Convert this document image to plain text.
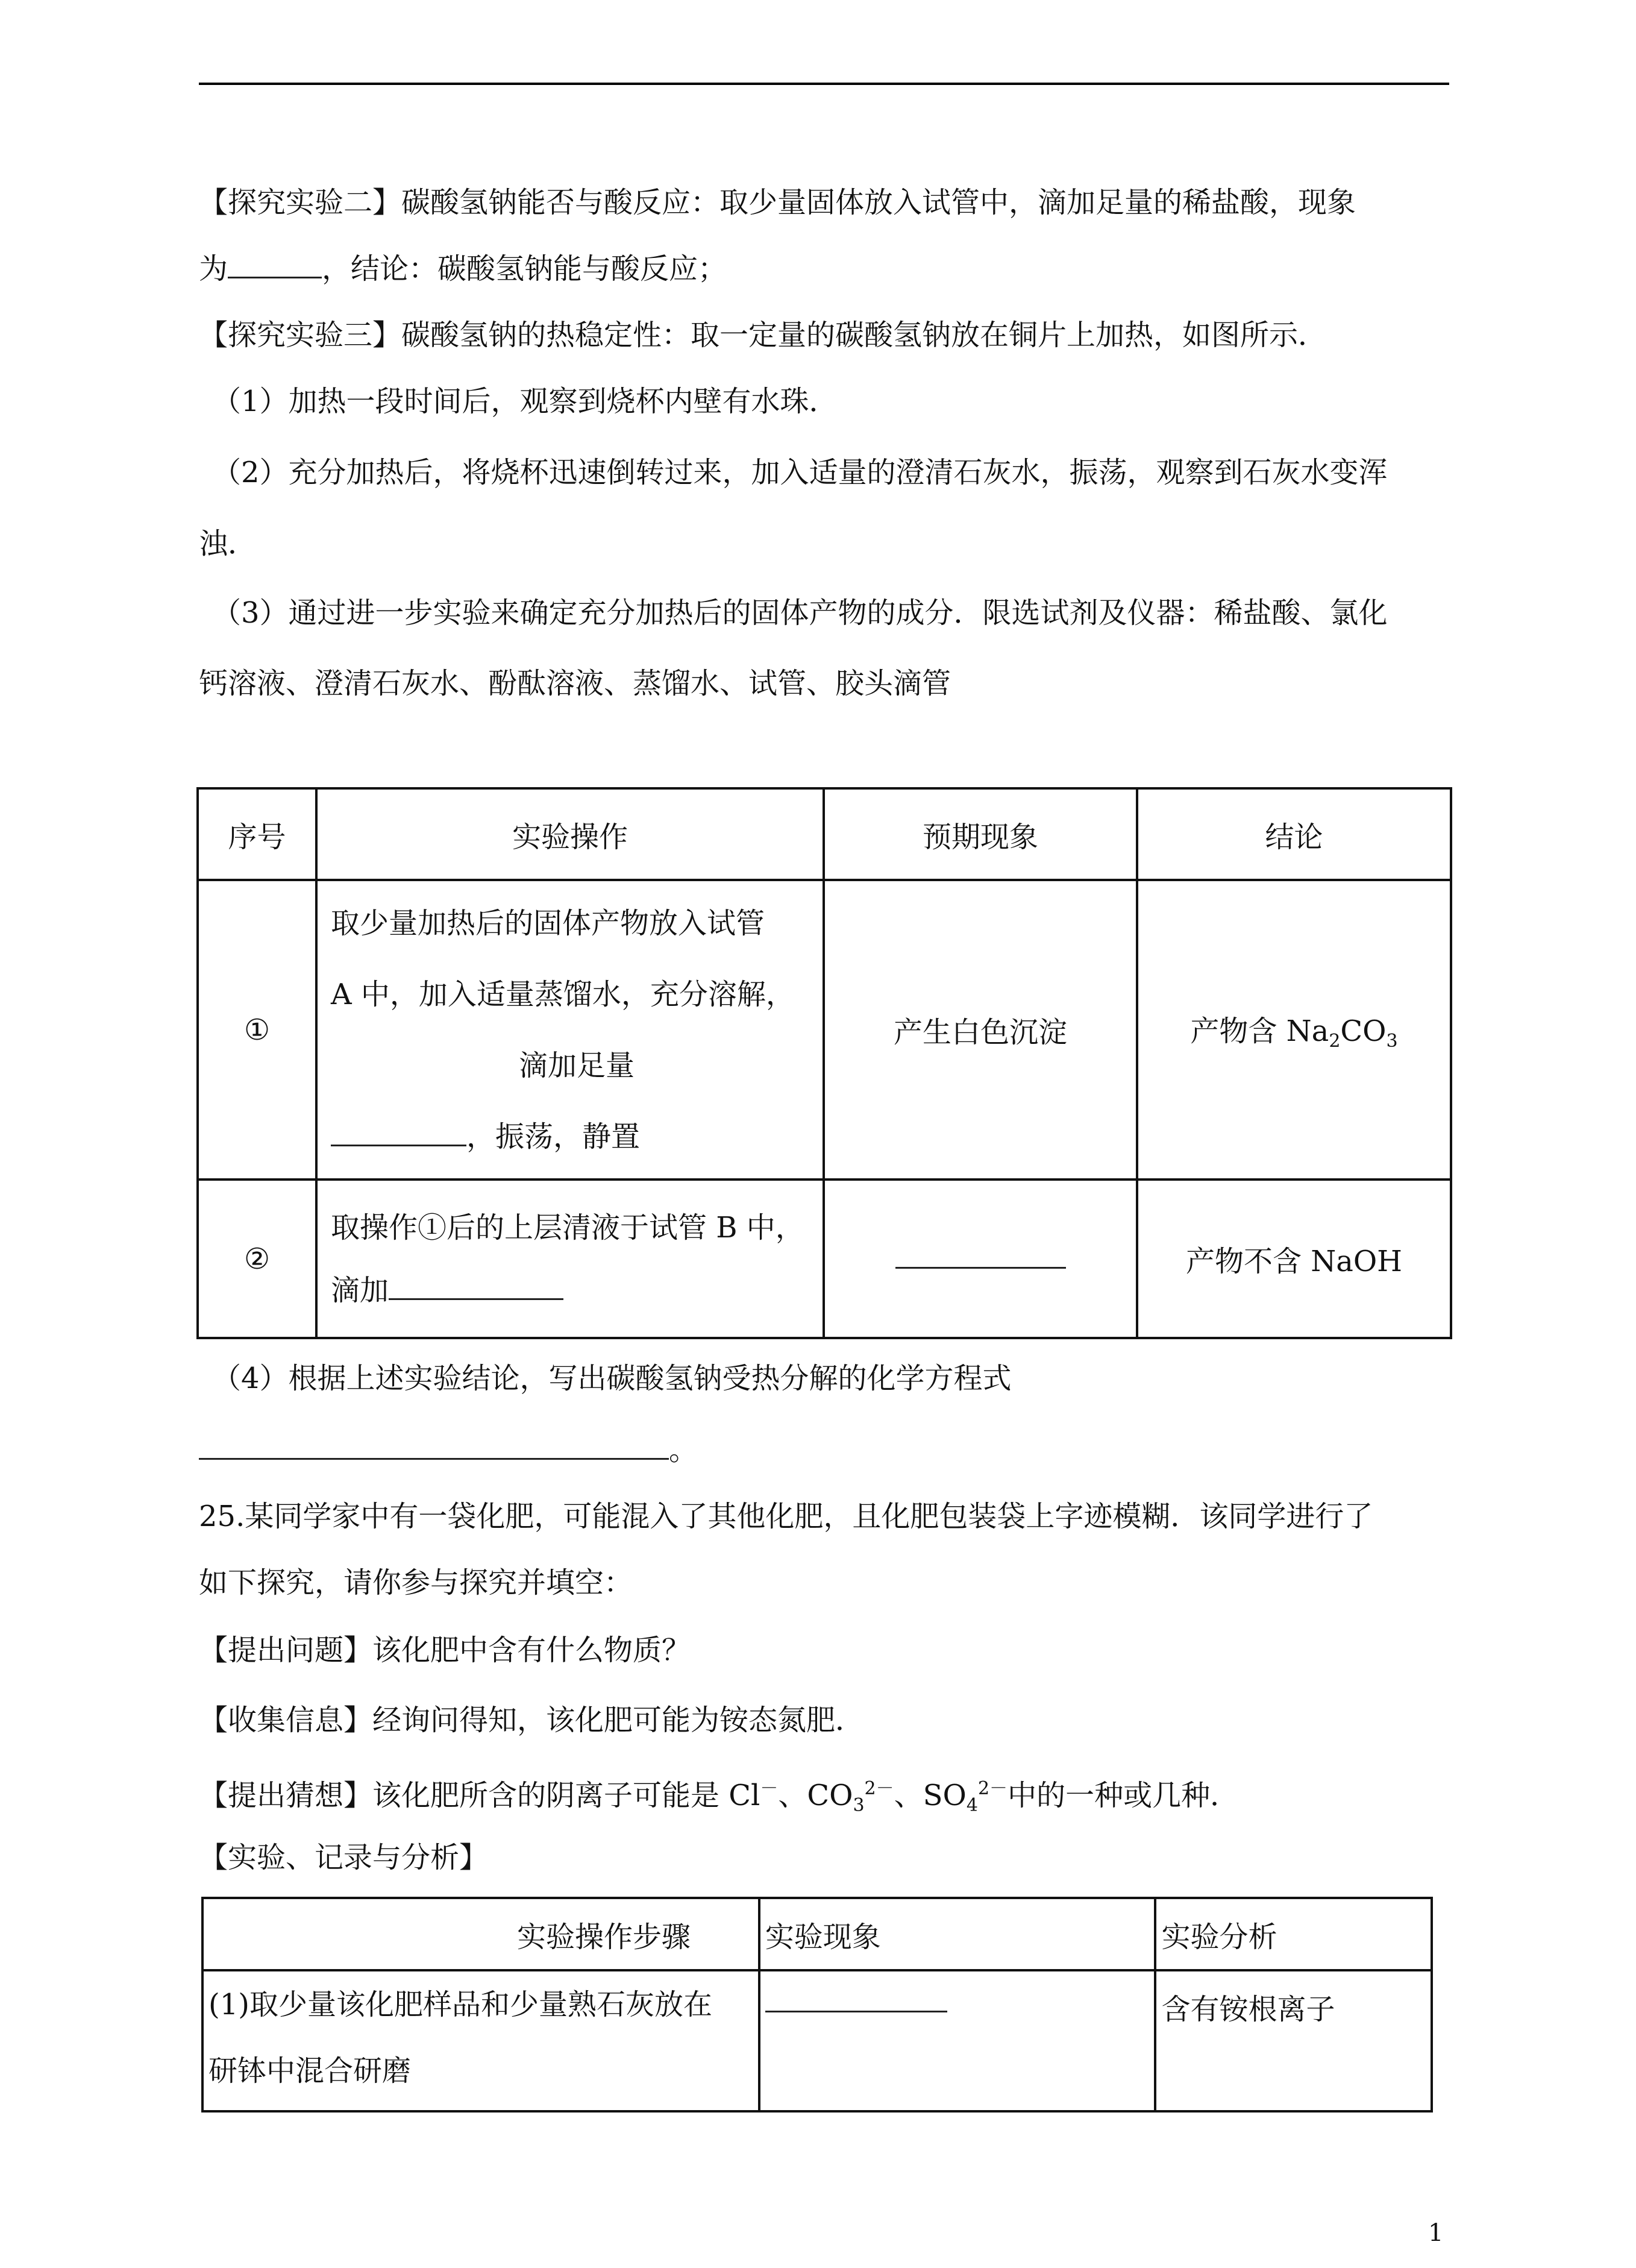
【探究实验二】碳酸氢钠能否与酸反应：取少量固体放入试管中，滴加足量的稀盐酸，现象
为	，结论：碳酸氢钠能与酸反应；
【探究实验三】碳酸氢钠的热稳定性：取一定量的碳酸氢钠放在铜片上加热，如图所示．
（1）加热一段时间后，观察到烧杯内壁有水珠．
（2）充分加热后，将烧杯迅速倒转过来，加入适量的澄清石灰水，振荡，观察到石灰水变浑
浊．
（3）通过进一步实验来确定充分加热后的固体产物的成分．限选试剂及仪器：稀盐酸、氯化
钙溶液、澄清石灰水、酚酞溶液、蒸馏水、试管、胶头滴管
序号	实验操作	预期现象	结论
①	取少量加热后的固体产物放入试管
A 中，加入适量蒸馏水，充分溶解，

滴加足量
，振荡，静置	产生白色沉淀	产物含 $Na_2CO_3$
②	取操作①后的上层清液于试管 B 中，
滴加		产物不含 NaOH
（4）根据上述实验结论，写出碳酸氢钠受热分解的化学方程式
。
25.某同学家中有一袋化肥，可能混入了其他化肥，且化肥包装袋上字迹模糊．该同学进行了
如下探究，请你参与探究并填空：
【提出问题】该化肥中含有什么物质？
【收集信息】经询问得知，该化肥可能为铵态氮肥．
【提出猜想】该化肥所含的阴离子可能是 Cl－、$CO_3^{2-}$、$SO_4^{2-}$中的一种或几种．
【实验、记录与分析】
实验操作步骤	实验现象	实验分析
(1)取少量该化肥样品和少量熟石灰放在
研钵中混合研磨		含有铵根离子
1
